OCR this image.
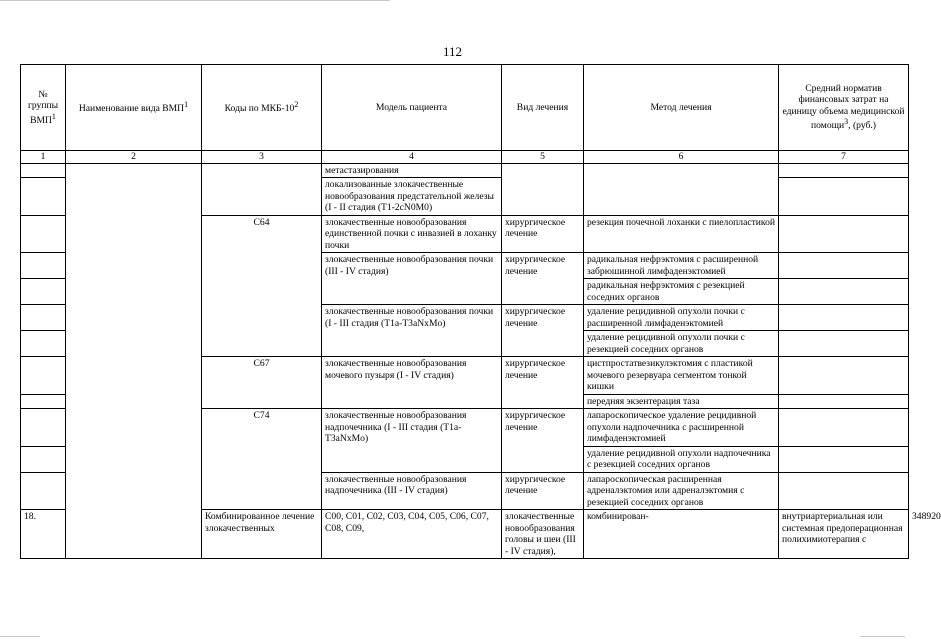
112
№ группы ВМП$^1$	Наименование вида ВМП$^1$	Коды по МКБ-$10^2$	Модель пациента	Вид лечения	Метод лечения	Средний норматив финансовых затрат на единицу объема медицинской помощи$^3$, (руб.)	
1	2	3	4	5	6	7	
			метастазирования				
			локализованные злокачественные новообразования предстательной железы (I - II стадия (T1-2cN0M0)				
		C64	злокачественные новообразования единственной почки с инвазией в лоханку почки	хирургическое лечение	резекция почечной лоханки с пиелопластикой		
			злокачественные новообразования почки (III - IV стадия)	хирургическое лечение	радикальная нефрэктомия с расширенной забрюшинной лимфаденэктомией		
					радикальная нефрэктомия с резекцией соседних органов		
			злокачественные новообразования почки (I - III стадия (T1a-T3aNxMo)	хирургическое лечение	удаление рецидивной опухоли почки с расширенной лимфаденэктомией		
					удаление рецидивной опухоли почки с резекцией соседних органов		
		C67	злокачественные новообразования мочевого пузыря (I - IV стадия)	хирургическое лечение	цистпростатвезикулэктомия с пластикой мочевого резервуара сегментом тонкой кишки		
					передняя экзентерация таза		
		C74	злокачественные новообразования надпочечника (I - III стадия (T1a-T3aNxMo)	хирургическое лечение	лапароскопическое удаление рецидивной опухоли надпочечника с расширенной лимфаденэктомией		
					удаление рецидивной опухоли надпочечника с резекцией соседних органов		
			злокачественные новообразования надпочечника (III - IV стадия)	хирургическое лечение	лапароскопическая расширенная адреналэктомия или адреналэктомия с резекцией соседних органов		
18.		Комбинированное лечение злокачественных	C00, C01, C02, C03, C04, C05, C06, C07, C08, C09,	злокачественные новообразования головы и шеи (III - IV стадия),	комбинирован-	внутриартериальная или системная предоперационная полихимиотерапия с	348920
